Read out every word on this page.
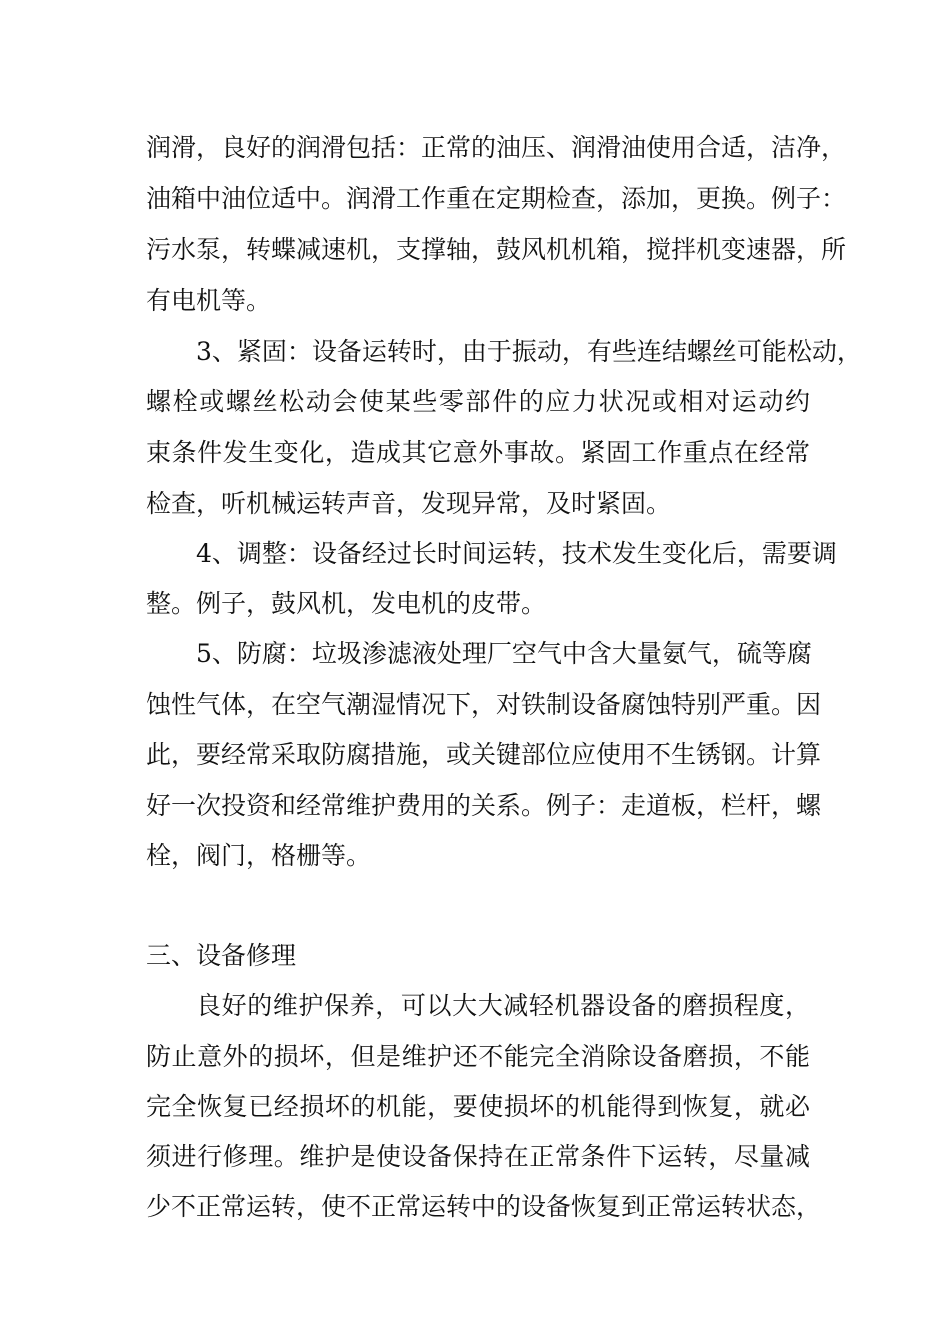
润滑，良好的润滑包括：正常的油压、润滑油使用合适，洁净，
油箱中油位适中。润滑工作重在定期检查，添加，更换。例子：
污水泵，转蝶减速机，支撑轴，鼓风机机箱，搅拌机变速器，所
有电机等。
3、紧固：设备运转时，由于振动，有些连结螺丝可能松动，
螺栓或螺丝松动会使某些零部件的应力状况或相对运动约
束条件发生变化，造成其它意外事故。紧固工作重点在经常
检查，听机械运转声音，发现异常，及时紧固。
4、调整：设备经过长时间运转，技术发生变化后，需要调
整。例子，鼓风机，发电机的皮带。
5、防腐：垃圾渗滤液处理厂空气中含大量氨气，硫等腐
蚀性气体，在空气潮湿情况下，对铁制设备腐蚀特别严重。因
此，要经常采取防腐措施，或关键部位应使用不生锈钢。计算
好一次投资和经常维护费用的关系。例子：走道板，栏杆，螺
栓，阀门，格栅等。
三、设备修理
良好的维护保养，可以大大减轻机器设备的磨损程度，
防止意外的损坏，但是维护还不能完全消除设备磨损，不能
完全恢复已经损坏的机能，要使损坏的机能得到恢复，就必
须进行修理。维护是使设备保持在正常条件下运转，尽量减
少不正常运转，使不正常运转中的设备恢复到正常运转状态，
